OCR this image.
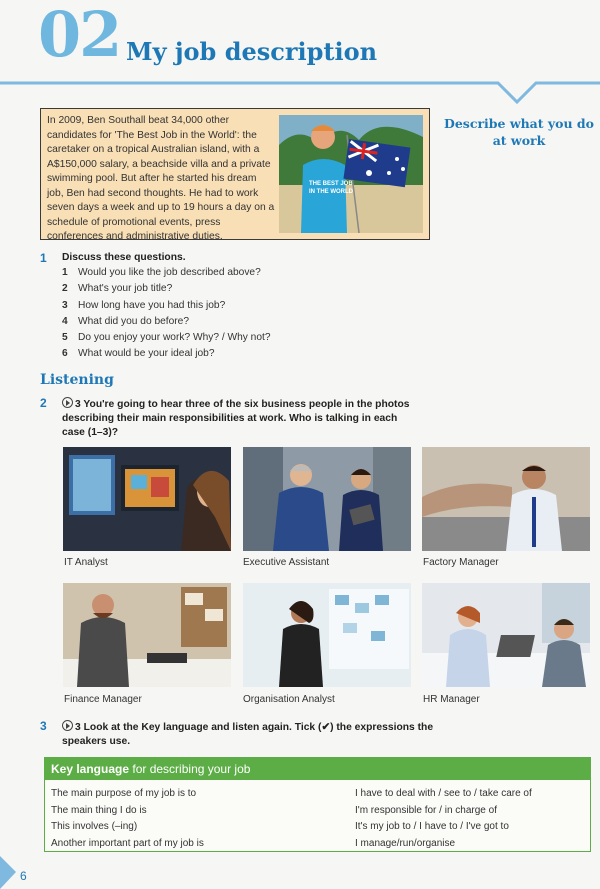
02 My job description

In 2009, Ben Southall beat 34,000 other candidates for 'The Best Job in the World': the caretaker on a tropical Australian island, with a A$150,000 salary, a beachside villa and a private swimming pool. But after he started his dream job, Ben had second thoughts. He had to work seven days a week and up to 19 hours a day on a schedule of promotional events, press conferences and administrative duties.

THE BEST JOB
IN THE WORLD
Describe what you do at work
1 Discuss these questions.
1 Would you like the job described above?
2 What's your job title?
3 How long have you had this job?
4 What did you do before?
5 Do you enjoy your work? Why? / Why not?
6 What would be your ideal job?
Listening
2	3 You're going to hear three of the six business people in the photos describing their main responsibilities at work. Who is talking in each case (1–3)?
IT Analyst	Executive Assistant	Factory Manager
Finance Manager	Organisation Analyst	HR Manager
3	3 Look at the Key language and listen again. Tick (✔) the expressions the speakers use.
Key language for describing your job
The main purpose of my job is to
The main thing I do is
This involves (–ing)
Another important part of my job is
I have to deal with / see to / take care of
I'm responsible for / in charge of
It's my job to / I have to / I've got to
I manage/run/organise
6
